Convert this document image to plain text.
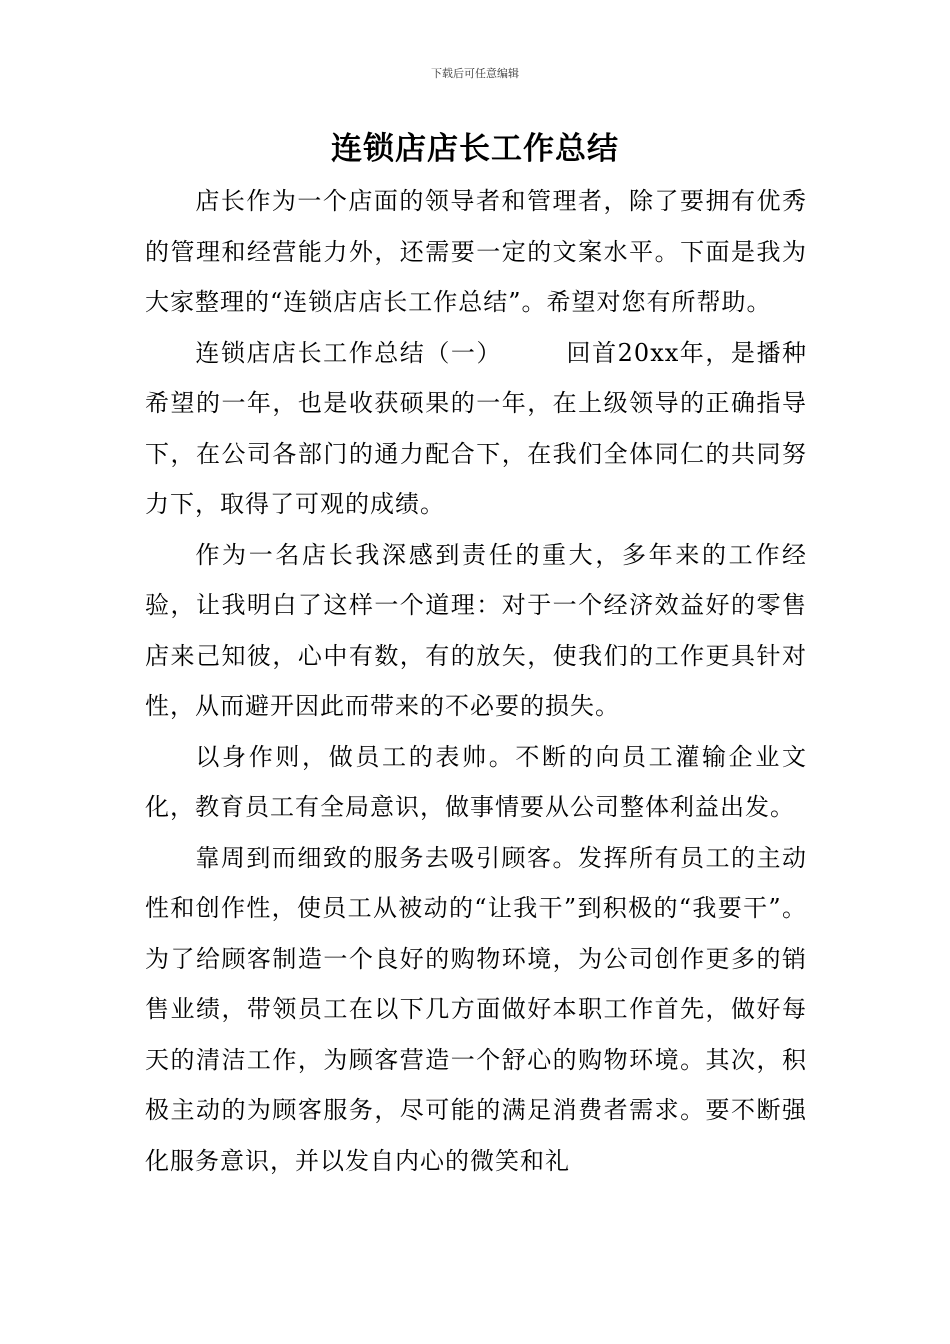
下载后可任意编辑
连锁店店长工作总结

店长作为一个店面的领导者和管理者，除了要拥有优秀的管理和经营能力外，还需要一定的文案水平。下面是我为大家整理的“连锁店店长工作总结”。希望对您有所帮助。

连锁店店长工作总结（一）	回首20xx年，是播种希望的一年，也是收获硕果的一年，在上级领导的正确指导下，在公司各部门的通力配合下，在我们全体同仁的共同努力下，取得了可观的成绩。

作为一名店长我深感到责任的重大，多年来的工作经验，让我明白了这样一个道理：对于一个经济效益好的零售店来己知彼，心中有数，有的放矢，使我们的工作更具针对性，从而避开因此而带来的不必要的损失。

以身作则，做员工的表帅。不断的向员工灌输企业文化，教育员工有全局意识，做事情要从公司整体利益出发。

靠周到而细致的服务去吸引顾客。发挥所有员工的主动性和创作性，使员工从被动的“让我干”到积极的“我要干”。为了给顾客制造一个良好的购物环境，为公司创作更多的销售业绩，带领员工在以下几方面做好本职工作首先，做好每天的清洁工作，为顾客营造一个舒心的购物环境。其次，积极主动的为顾客服务，尽可能的满足消费者需求。要不断强化服务意识，并以发自内心的微笑和礼
